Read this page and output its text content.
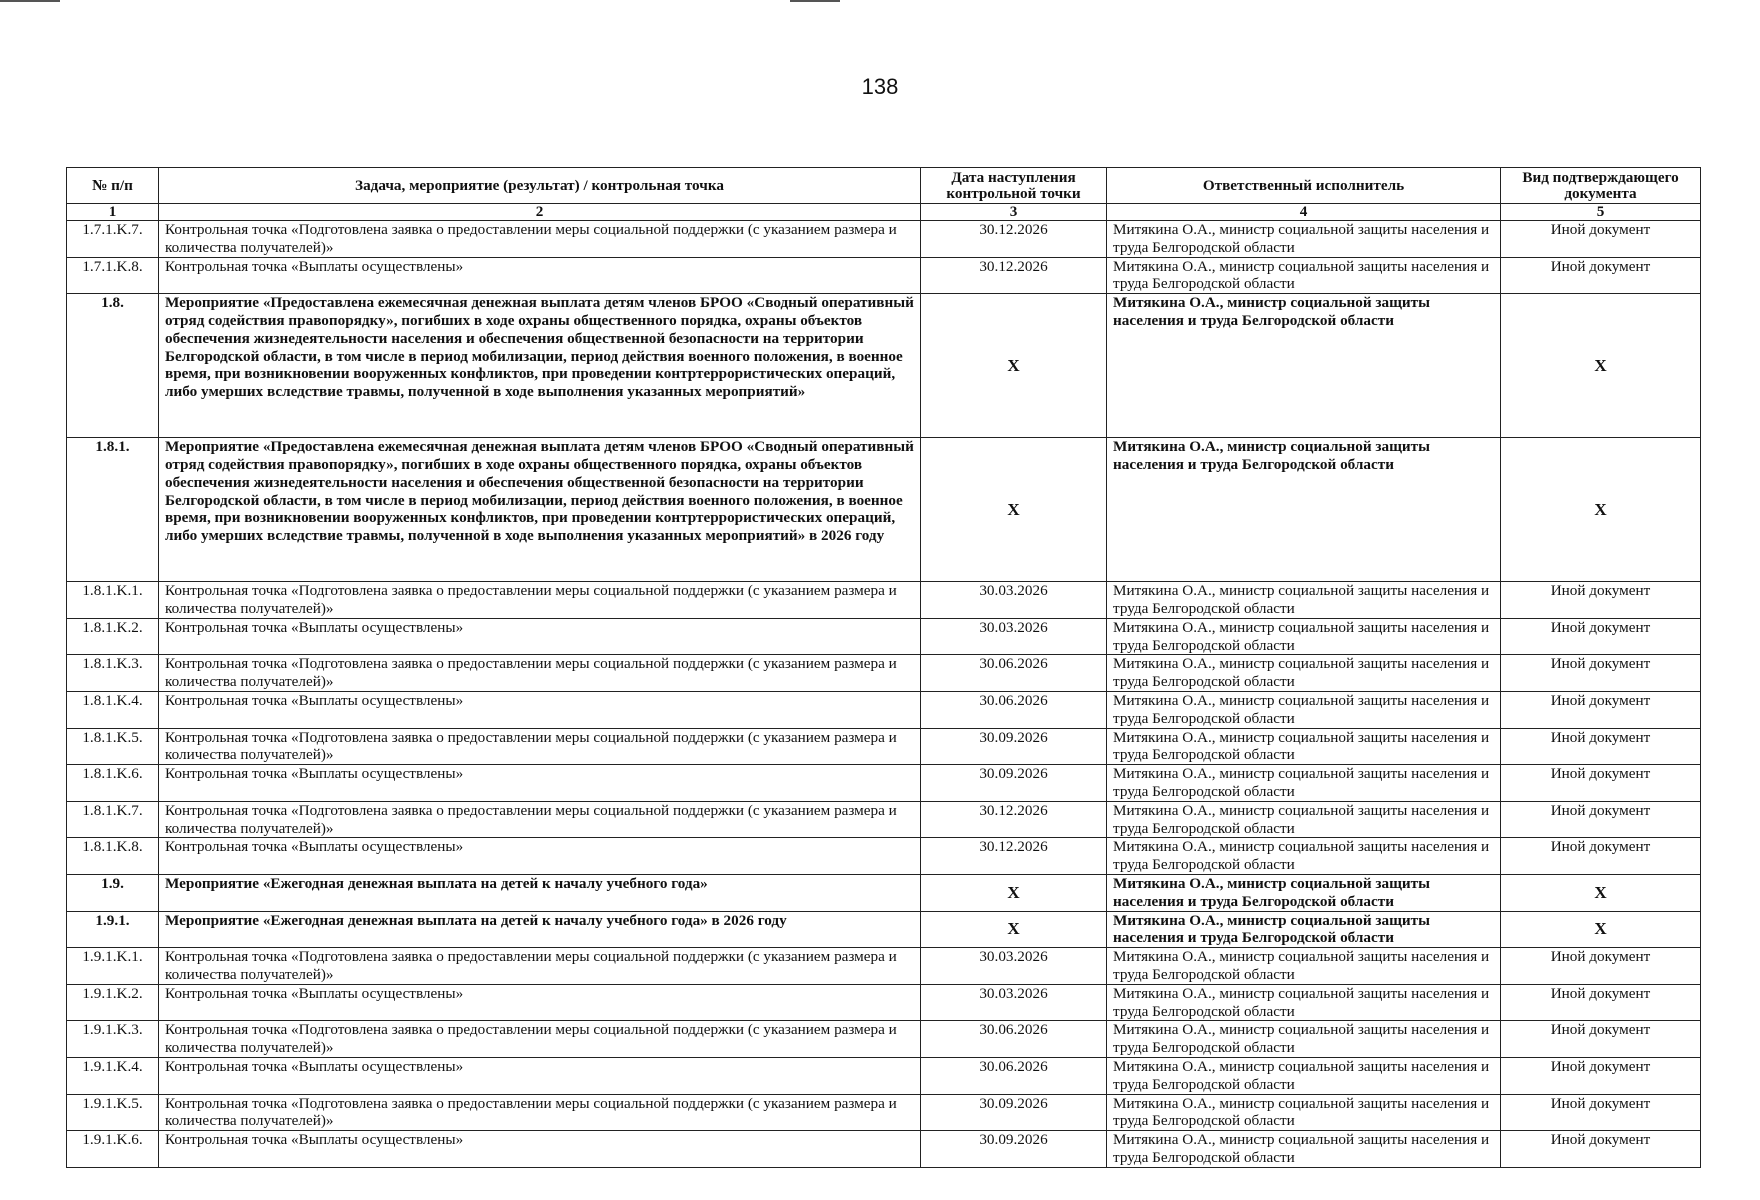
138
№ п/п	Задача, мероприятие (результат) / контрольная точка	Дата наступления контрольной точки	Ответственный исполнитель	Вид подтверждающего документа
1	2	3	4	5
1.7.1.K.7.	Контрольная точка «Подготовлена заявка о предоставлении меры социальной поддержки (с указанием размера и количества получателей)»	30.12.2026	Митякина О.А., министр социальной защиты населения и труда Белгородской области	Иной документ
1.7.1.K.8.	Контрольная точка «Выплаты осуществлены»	30.12.2026	Митякина О.А., министр социальной защиты населения и труда Белгородской области	Иной документ
1.8.	Мероприятие «Предоставлена ежемесячная денежная выплата детям членов БРОО «Сводный оперативный отряд содействия правопорядку», погибших в ходе охраны общественного порядка, охраны объектов обеспечения жизнедеятельности населения и обеспечения общественной безопасности на территории Белгородской области, в том числе в период мобилизации, период действия военного положения, в военное время, при возникновении вооруженных конфликтов, при проведении контртеррористических операций, либо умерших вследствие травмы, полученной в ходе выполнения указанных мероприятий»	Х	Митякина О.А., министр социальной защиты населения и труда Белгородской области	Х
1.8.1.	Мероприятие «Предоставлена ежемесячная денежная выплата детям членов БРОО «Сводный оперативный отряд содействия правопорядку», погибших в ходе охраны общественного порядка, охраны объектов обеспечения жизнедеятельности населения и обеспечения общественной безопасности на территории Белгородской области, в том числе в период мобилизации, период действия военного положения, в военное время, при возникновении вооруженных конфликтов, при проведении контртеррористических операций, либо умерших вследствие травмы, полученной в ходе выполнения указанных мероприятий» в 2026 году	Х	Митякина О.А., министр социальной защиты населения и труда Белгородской области	Х
1.8.1.K.1.	Контрольная точка «Подготовлена заявка о предоставлении меры социальной поддержки (с указанием размера и количества получателей)»	30.03.2026	Митякина О.А., министр социальной защиты населения и труда Белгородской области	Иной документ
1.8.1.K.2.	Контрольная точка «Выплаты осуществлены»	30.03.2026	Митякина О.А., министр социальной защиты населения и труда Белгородской области	Иной документ
1.8.1.K.3.	Контрольная точка «Подготовлена заявка о предоставлении меры социальной поддержки (с указанием размера и количества получателей)»	30.06.2026	Митякина О.А., министр социальной защиты населения и труда Белгородской области	Иной документ
1.8.1.K.4.	Контрольная точка «Выплаты осуществлены»	30.06.2026	Митякина О.А., министр социальной защиты населения и труда Белгородской области	Иной документ
1.8.1.K.5.	Контрольная точка «Подготовлена заявка о предоставлении меры социальной поддержки (с указанием размера и количества получателей)»	30.09.2026	Митякина О.А., министр социальной защиты населения и труда Белгородской области	Иной документ
1.8.1.K.6.	Контрольная точка «Выплаты осуществлены»	30.09.2026	Митякина О.А., министр социальной защиты населения и труда Белгородской области	Иной документ
1.8.1.K.7.	Контрольная точка «Подготовлена заявка о предоставлении меры социальной поддержки (с указанием размера и количества получателей)»	30.12.2026	Митякина О.А., министр социальной защиты населения и труда Белгородской области	Иной документ
1.8.1.K.8.	Контрольная точка «Выплаты осуществлены»	30.12.2026	Митякина О.А., министр социальной защиты населения и труда Белгородской области	Иной документ
1.9.	Мероприятие «Ежегодная денежная выплата на детей к началу учебного года»	Х	Митякина О.А., министр социальной защиты населения и труда Белгородской области	Х
1.9.1.	Мероприятие «Ежегодная денежная выплата на детей к началу учебного года» в 2026 году	Х	Митякина О.А., министр социальной защиты населения и труда Белгородской области	Х
1.9.1.K.1.	Контрольная точка «Подготовлена заявка о предоставлении меры социальной поддержки (с указанием размера и количества получателей)»	30.03.2026	Митякина О.А., министр социальной защиты населения и труда Белгородской области	Иной документ
1.9.1.K.2.	Контрольная точка «Выплаты осуществлены»	30.03.2026	Митякина О.А., министр социальной защиты населения и труда Белгородской области	Иной документ
1.9.1.K.3.	Контрольная точка «Подготовлена заявка о предоставлении меры социальной поддержки (с указанием размера и количества получателей)»	30.06.2026	Митякина О.А., министр социальной защиты населения и труда Белгородской области	Иной документ
1.9.1.K.4.	Контрольная точка «Выплаты осуществлены»	30.06.2026	Митякина О.А., министр социальной защиты населения и труда Белгородской области	Иной документ
1.9.1.K.5.	Контрольная точка «Подготовлена заявка о предоставлении меры социальной поддержки (с указанием размера и количества получателей)»	30.09.2026	Митякина О.А., министр социальной защиты населения и труда Белгородской области	Иной документ
1.9.1.K.6.	Контрольная точка «Выплаты осуществлены»	30.09.2026	Митякина О.А., министр социальной защиты населения и труда Белгородской области	Иной документ
